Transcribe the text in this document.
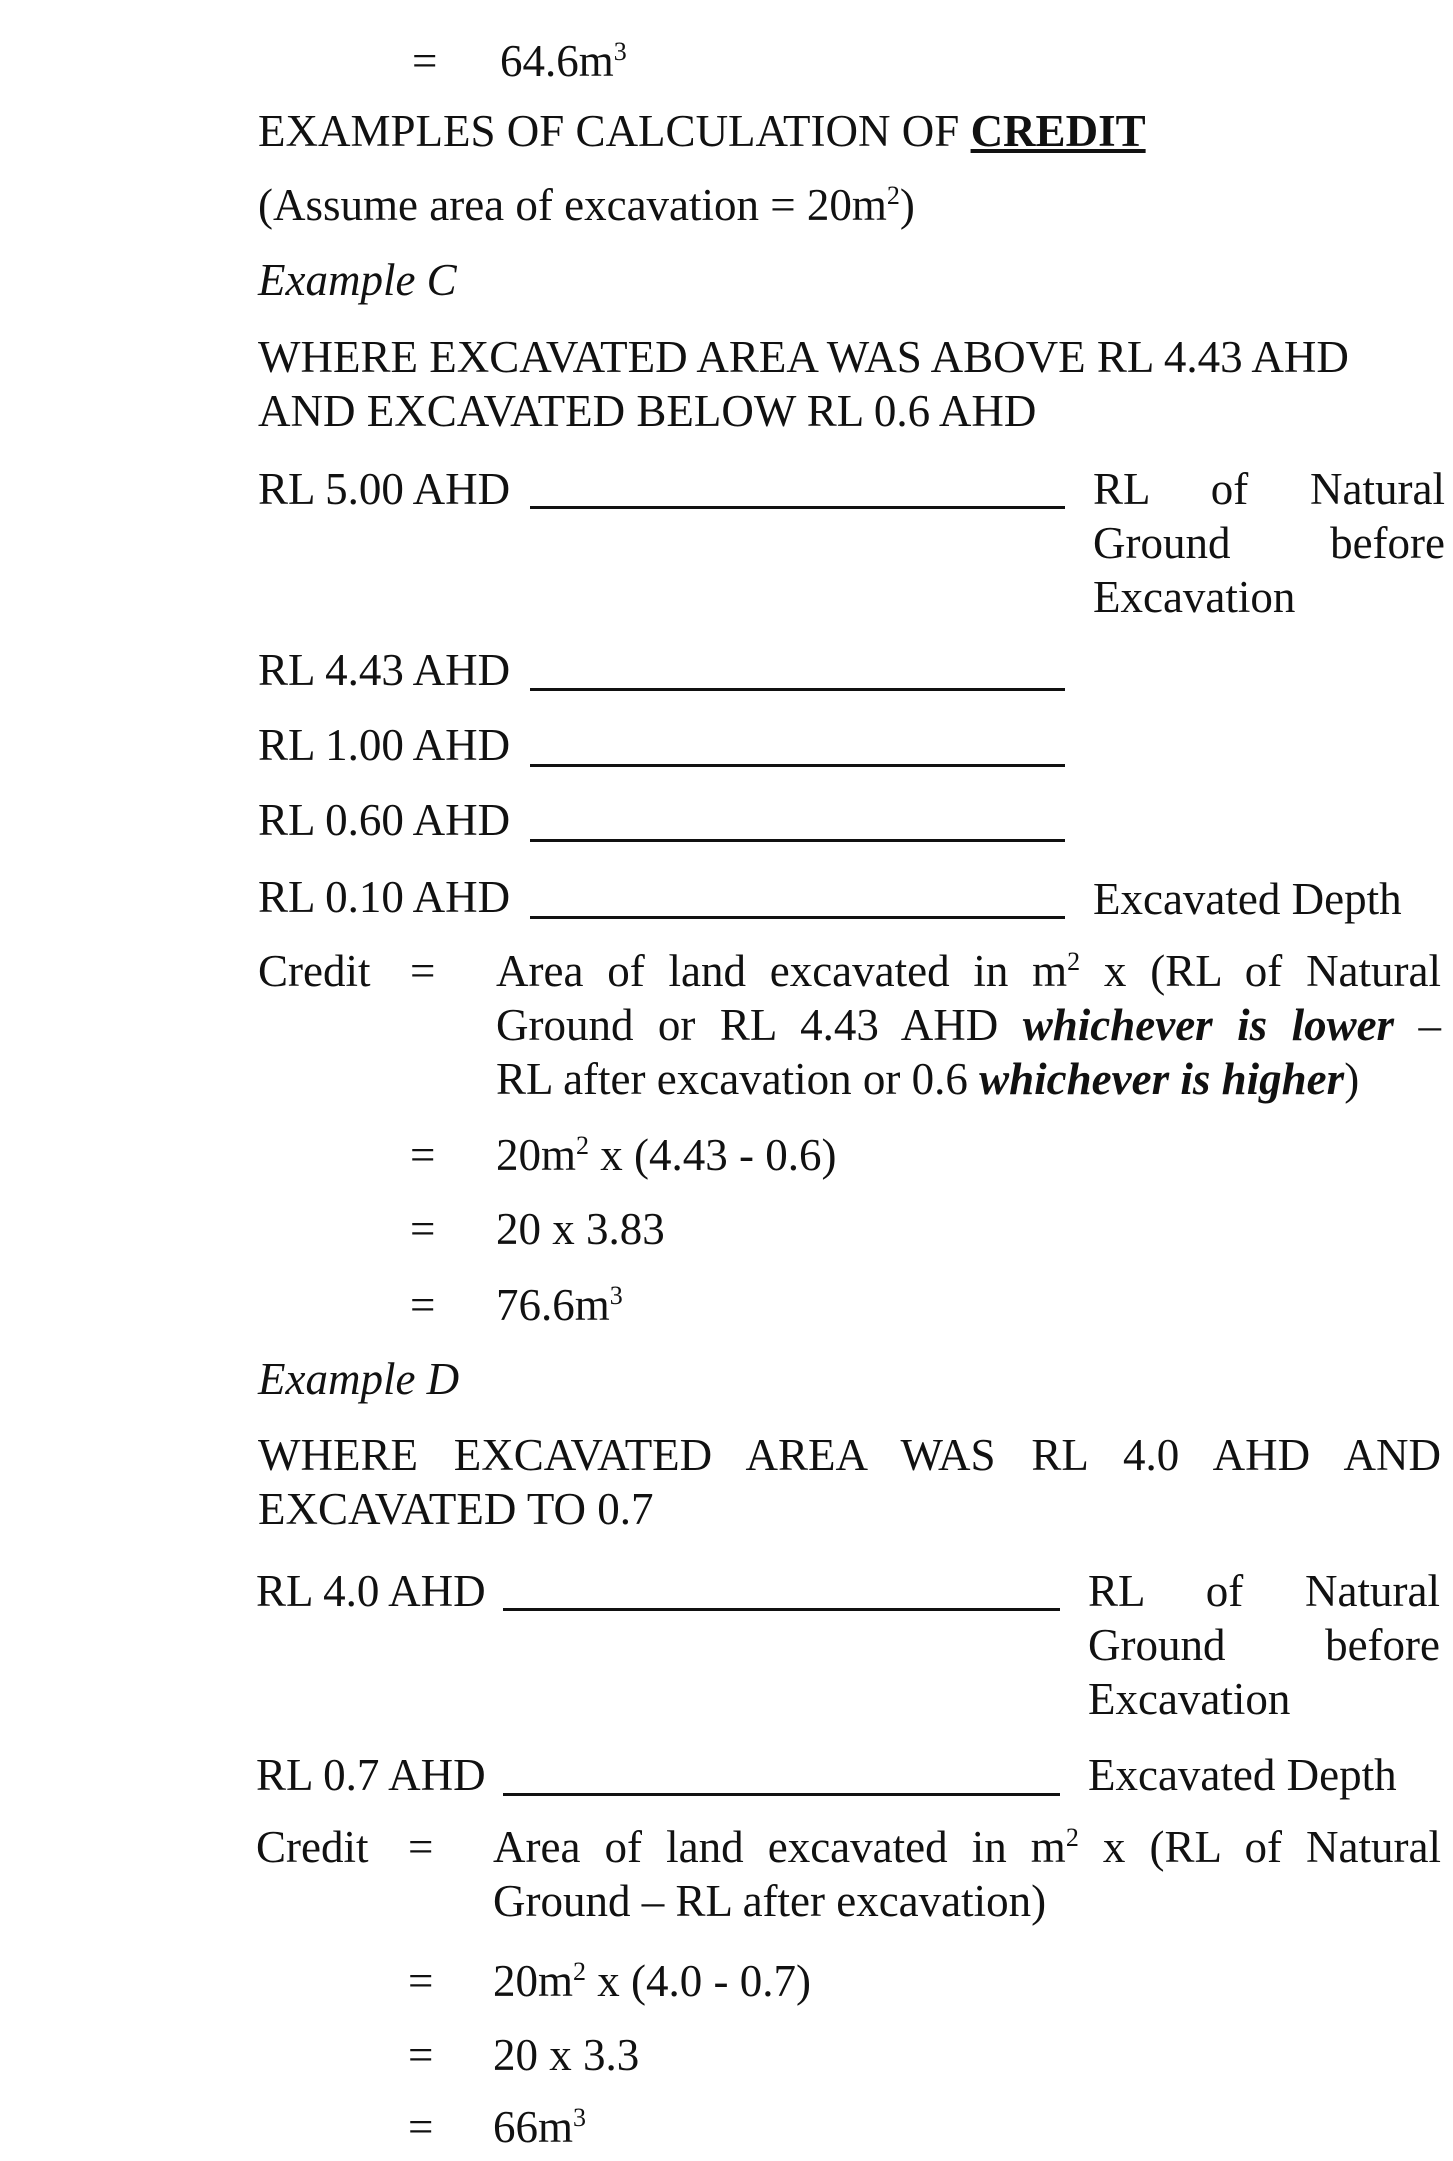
= $64.6m^3$
EXAMPLES OF CALCULATION OF CREDIT
(Assume area of excavation = $20m^2$)
Example C
WHERE EXCAVATED AREA WAS ABOVE RL 4.43 AHD
AND EXCAVATED BELOW RL 0.6 AHD
RL 5.00 AHD	RL of Natural
Ground before
Excavation
RL 4.43 AHD
RL 1.00 AHD
RL 0.60 AHD
RL 0.10 AHD	Excavated Depth
Credit = Area of land excavated in $m^2$ x (RL of Natural
Ground or RL 4.43 AHD whichever is lower –
RL after excavation or 0.6 whichever is higher)
= $20m^2$ x (4.43 - 0.6)
= 20 x 3.83
= $76.6m^3$
Example D
WHERE EXCAVATED AREA WAS RL 4.0 AHD AND
EXCAVATED TO 0.7
RL 4.0 AHD	RL of Natural
Ground before
Excavation
RL 0.7 AHD	Excavated Depth
Credit = Area of land excavated in $m^2$ x (RL of Natural
Ground – RL after excavation)
= $20m^2$ x (4.0 - 0.7)
= 20 x 3.3
= $66m^3$
